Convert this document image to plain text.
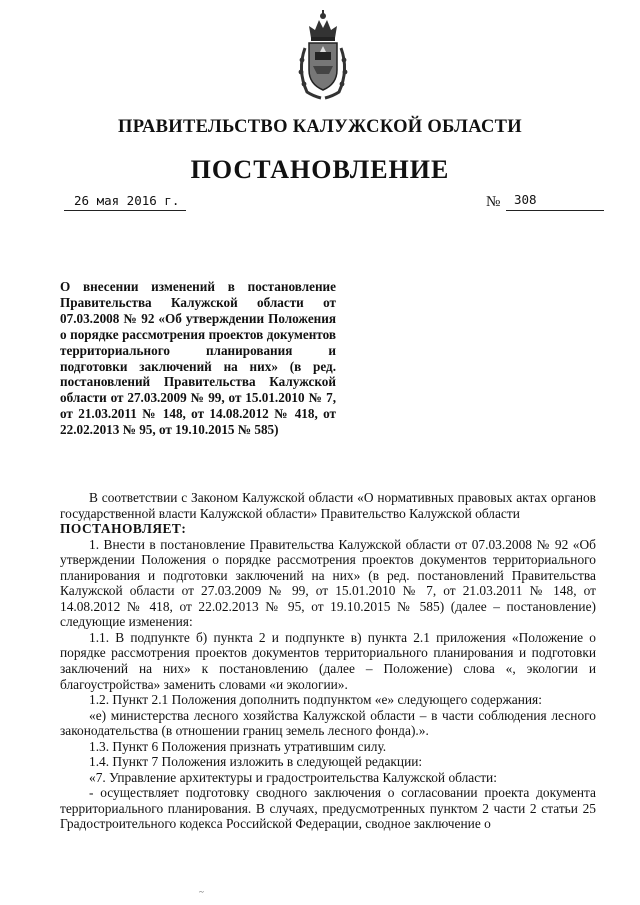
ПРАВИТЕЛЬСТВО КАЛУЖСКОЙ ОБЛАСТИ
ПОСТАНОВЛЕНИЕ
26 мая 2016 г.	№ 308
О внесении изменений в постановление Правительства Калужской области от 07.03.2008 № 92 «Об утверждении Положения о порядке рассмотрения проектов документов территориального планирования и подготовки заключений на них» (в ред. постановлений Правительства Калужской области от 27.03.2009 № 99, от 15.01.2010 № 7, от 21.03.2011 № 148, от 14.08.2012 № 418, от 22.02.2013 № 95, от 19.10.2015 № 585)

В соответствии с Законом Калужской области «О нормативных правовых актах органов государственной власти Калужской области» Правительство Калужской области

ПОСТАНОВЛЯЕТ:

1. Внести в постановление Правительства Калужской области от 07.03.2008 № 92 «Об утверждении Положения о порядке рассмотрения проектов документов территориального планирования и подготовки заключений на них» (в ред. постановлений Правительства Калужской области от 27.03.2009 № 99, от 15.01.2010 № 7, от 21.03.2011 № 148, от 14.08.2012 № 418, от 22.02.2013 № 95, от 19.10.2015 № 585) (далее – постановление) следующие изменения:

1.1. В подпункте б) пункта 2 и подпункте в) пункта 2.1 приложения «Положение о порядке рассмотрения проектов документов территориального планирования и подготовки заключений на них» к постановлению (далее – Положение) слова «, экологии и благоустройства» заменить словами «и экологии».

1.2. Пункт 2.1 Положения дополнить подпунктом «е» следующего содержания:

«е) министерства лесного хозяйства Калужской области – в части соблюдения лесного законодательства (в отношении границ земель лесного фонда).».

1.3. Пункт 6 Положения признать утратившим силу.

1.4. Пункт 7 Положения изложить в следующей редакции:

«7. Управление архитектуры и градостроительства Калужской области:

- осуществляет подготовку сводного заключения о согласовании проекта документа территориального планирования. В случаях, предусмотренных пунктом 2 части 2 статьи 25 Градостроительного кодекса Российской Федерации, сводное заключение о

~
